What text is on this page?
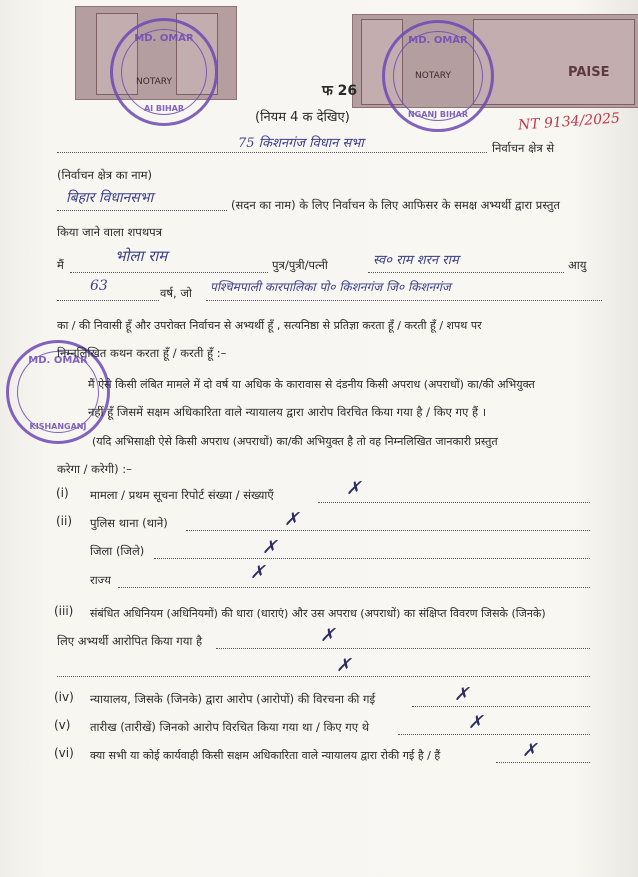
NOTARY
NOTARY	PAISE
MD. OMAR
AI BIHAR
MD. OMAR
NGANJ BIHAR
MD. OMAR
KISHANGANJ
फ 26
(नियम 4 क देखिए)	NT 9134/2025
75 किशनगंज विधान सभा	निर्वाचन क्षेत्र से
(निर्वाचन क्षेत्र का नाम)
बिहार विधानसभा	(सदन का नाम) के लिए निर्वाचन के लिए आफिसर के समक्ष अभ्यर्थी द्वारा प्रस्तुत
किया जाने वाला शपथपत्र
मैं	भोला राम	पुत्र/पुत्री/पत्नी	स्व० राम शरन राम	आयु
63	वर्ष, जो पश्चिमपाली कारपालिका पो० किशनगंज जि० किशनगंज
का / की निवासी हूँ और उपरोक्त निर्वाचन से अभ्यर्थी हूँ , सत्यनिष्ठा से प्रतिज्ञा करता हूँ / करती हूँ / शपथ पर
निम्नलिखित कथन करता हूँ / करती हूँ :–
मैं ऐसे किसी लंबित मामले में दो वर्ष या अधिक के कारावास से दंडनीय किसी अपराध (अपराधों) का/की अभियुक्त
नहीं हूँ जिसमें सक्षम अधिकारिता वाले न्यायालय द्वारा आरोप विरचित किया गया है / किए गए हैं ।
(यदि अभिसाक्षी ऐसे किसी अपराध (अपराधों) का/की अभियुक्त है तो वह निम्नलिखित जानकारी प्रस्तुत
करेगा / करेगी) :–
(i) मामला / प्रथम सूचना रिपोर्ट संख्या / संख्याएँ	✗
(ii) पुलिस थाना (थाने)	✗
जिला (जिले)	✗
राज्य	✗
(iii) संबंधित अधिनियम (अधिनियमों) की धारा (धाराएं) और उस अपराध (अपराधों) का संक्षिप्त विवरण जिसके (जिनके)
लिए अभ्यर्थी आरोपित किया गया है	✗
✗
(iv) न्यायालय, जिसके (जिनके) द्वारा आरोप (आरोपों) की विरचना की गई	✗
(v) तारीख (तारीखें) जिनको आरोप विरचित किया गया था / किए गए थे	✗
(vi) क्या सभी या कोई कार्यवाही किसी सक्षम अधिकारिता वाले न्यायालय द्वारा रोकी गई है / हैं	✗
